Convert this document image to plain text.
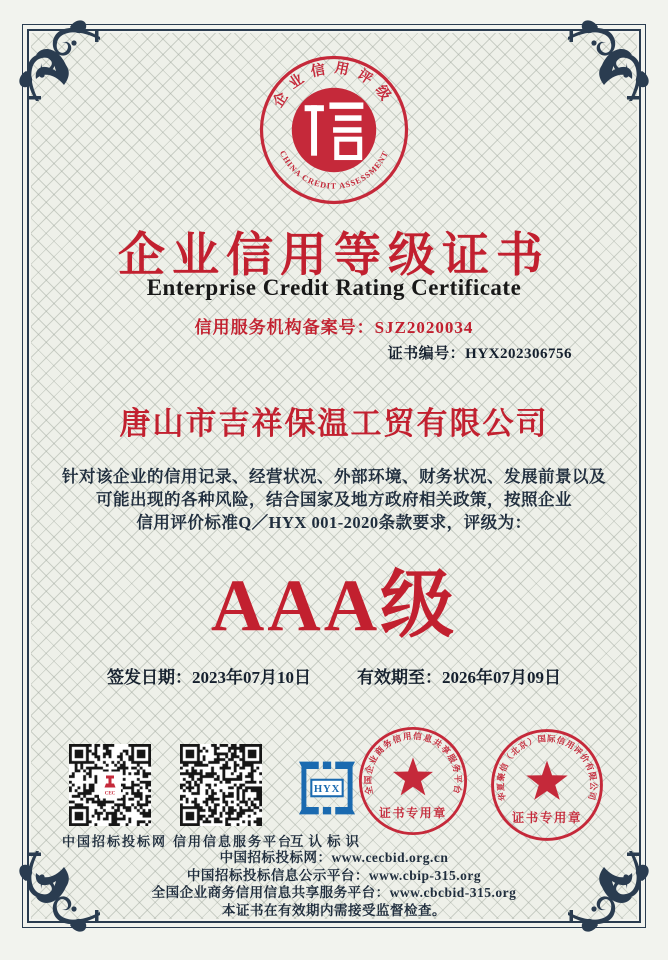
企业信用评级
CHINA CREDIT ASSESSMENT
企业信用等级证书
Enterprise Credit Rating Certificate
信用服务机构备案号：SJZ2020034
证书编号：HYX202306756
唐山市吉祥保温工贸有限公司
针对该企业的信用记录、经营状况、外部环境、财务状况、发展前景以及
可能出现的各种风险，结合国家及地方政府相关政策，按照企业
信用评价标准Q／HYX 001-2020条款要求，评级为：
AAA级
签发日期：2023年07月10日	有效期至：2026年07月09日
CEC
中国招标投标网 信用信息服务平台
HYX
互认标识
全国企业商务信用信息共享服务平台
证书专用章
华夏聚信（北京）国际信用评价有限公司
证书专用章
中国招标投标网：www.cecbid.org.cn
中国招标投标信息公示平台：www.cbip-315.org
全国企业商务信用信息共享服务平台：www.cbcbid-315.org
本证书在有效期内需接受监督检查。
